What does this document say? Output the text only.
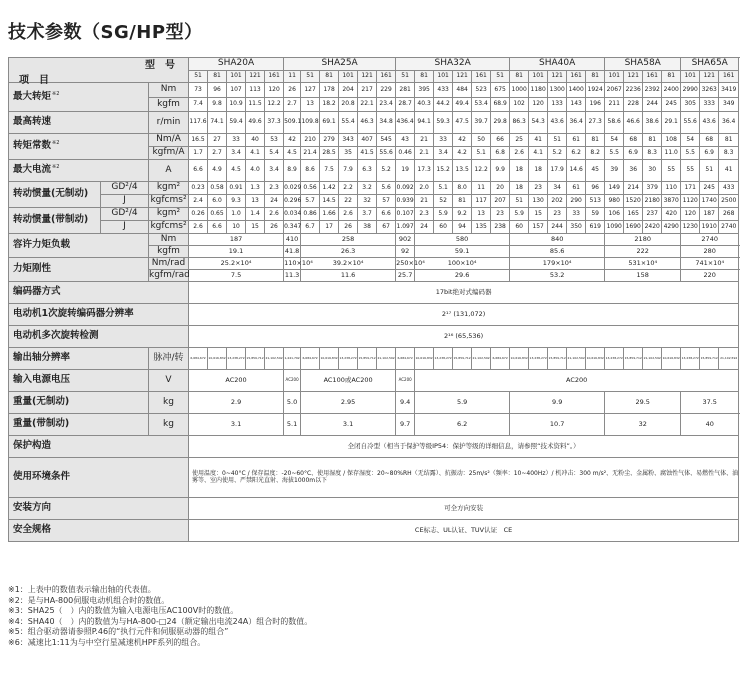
技术参数（SG/HP型）
型　号
项　目			SHA20A					SHA25A						SHA32A						SHA40A					SHA58A				SHA65A		
			51	81	101	121	161	11	51	81	101	121	161	51	81	101	121	161	51	81	101	121	161	81	101	121	161	81	101	121	161
最大转矩$^{※2}$		Nm	73	96	107	113	120	26	127	178	204	217	229	281	395	433	484	523	675	1000	1180	1300	1400	1924	2067	2236	2392	2400	2990	3263	3419
		kgfm	7.4	9.8	10.9	11.5	12.2	2.7	13	18.2	20.8	22.1	23.4	28.7	40.3	44.2	49.4	53.4	68.9	102	120	133	143	196	211	228	244	245	305	333	349
最高转速		r/min	117.6	74.1	59.4	49.6	37.3	509.1	109.8	69.1	55.4	46.3	34.8	436.4	94.1	59.3	47.5	39.7	29.8	86.3	54.3	43.6	36.4	27.3	58.6	46.6	38.6	29.1	55.6	43.6	36.4
转矩常数$^{※2}$		Nm/A	16.5	27	33	40	53	42	210	279	343	407	545	43	21	33	42	50	66	25	41	51	61	81	54	68	81	108	54	68	81
		kgfm/A	1.7	2.7	3.4	4.1	5.4	4.5	21.4	28.5	35	41.5	55.6	0.46	2.1	3.4	4.2	5.1	6.8	2.6	4.1	5.2	6.2	8.2	5.5	6.9	8.3	11.0	5.5	6.9	8.3
最大电流$^{※2}$		A	6.6	4.9	4.5	4.0	3.4	8.9	8.6	7.5	7.9	6.3	5.2	19	17.3	15.2	13.5	12.2	9.9	18	18	17.9	14.6	45	39	36	30	55	55	51	41
转动惯量(无制动)	GD²/4	kgm²	0.23	0.58	0.91	1.3	2.3	0.029	0.56	1.42	2.2	3.2	5.6	0.092	2.0	5.1	8.0	11	20	18	23	34	61	96	149	214	379	110	171	245	433
	J	kgfcms²	2.4	6.0	9.3	13	24	0.296	5.7	14.5	22	32	57	0.939	21	52	81	117	207	51	130	202	290	513	980	1520	2180	3870	1120	1740	2500
转动惯量(带制动)	GD²/4	kgm²	0.26	0.65	1.0	1.4	2.6	0.034	0.86	1.66	2.6	3.7	6.6	0.107	2.3	5.9	9.2	13	23	5.9	15	23	33	59	106	165	237	420	120	187	268
	J	kgfcms²	2.6	6.6	10	15	26	0.347	6.7	17	26	38	67	1.097	24	60	94	135	238	60	157	244	350	619	1090	1690	2420	4290	1230	1910	2740
容许力矩负载		Nm	187					410	258					902	580					840					2180				2740		
		kgfm	19.1					41.8	26.3					92	59.1					85.6					222				280		
力矩刚性		Nm/rad	25.2×10⁴					110×10⁴	39.2×10⁴					250×10⁴	100×10⁴					179×10⁴					531×10⁴				741×10⁴		
		kgfm/rad	7.5					11.3	11.6					25.7	29.6					53.2					158				220		
编码器方式			17bit绝对式编码器																												
电动机1次旋转编码器分辨率			2¹⁷ (131,072)																												
电动机多次旋转检测			2¹⁶ (65,536)																												
输出轴分辨率		脉冲/转	6,684,672	10,616,832	13,238,272	15,859,712	21,102,592	1,441,792	6,684,672	10,616,832	13,238,272	15,859,712	21,102,592	6,684,672	10,616,832	13,238,272	15,859,712	21,102,592	6,684,672	10,616,832	13,238,272	15,859,712	21,102,592	10,616,832	13,238,272	15,859,712	21,102,592	10,616,832	13,238,272	15,859,712	21,102,592
输入电源电压		V	AC200					AC200	AC100或AC200					AC200	AC200																
重量(无制动)		kg	2.9					5.0	2.95					9.4	5.9					9.9					29.5				37.5		
重量(带制动)		kg	3.1					5.1	3.1					9.7	6.2					10.7					32				40		
保护构造			全闭自冷型（相当于保护等级IP54：保护等级的详细信息，请参照“技术资料”。）																												
使用环境条件			使用温度：0~40°C / 保存温度：-20~60°C、使用湿度 / 保存湿度：20~80%RH（无结露）、抗振动：25m/s²（频率：10~400Hz）/ 机冲击：300 m/s²、无粉尘、金属粉、腐蚀性气体、易燃性气体、油雾等、室内使用、严禁阳光直射、海拔1000m以下																												
安装方向			可全方向安装																												
安全规格			CE标志、UL认证、TUV认证　CE																												
※1：上表中的数值表示输出轴的代表值。
※2：是与HA-800伺服电动机组合时的数值。
※3：SHA25（　）内的数值为输入电源电压AC100V时的数值。
※4：SHA40（　）内的数值为与HA-800-□24（额定输出电流24A）组合时的数值。
※5：组合驱动器请参照P.46的“执行元件和伺服驱动器的组合”
※6：减速比1:11为与中空行星减速机HPF系列的组合。
